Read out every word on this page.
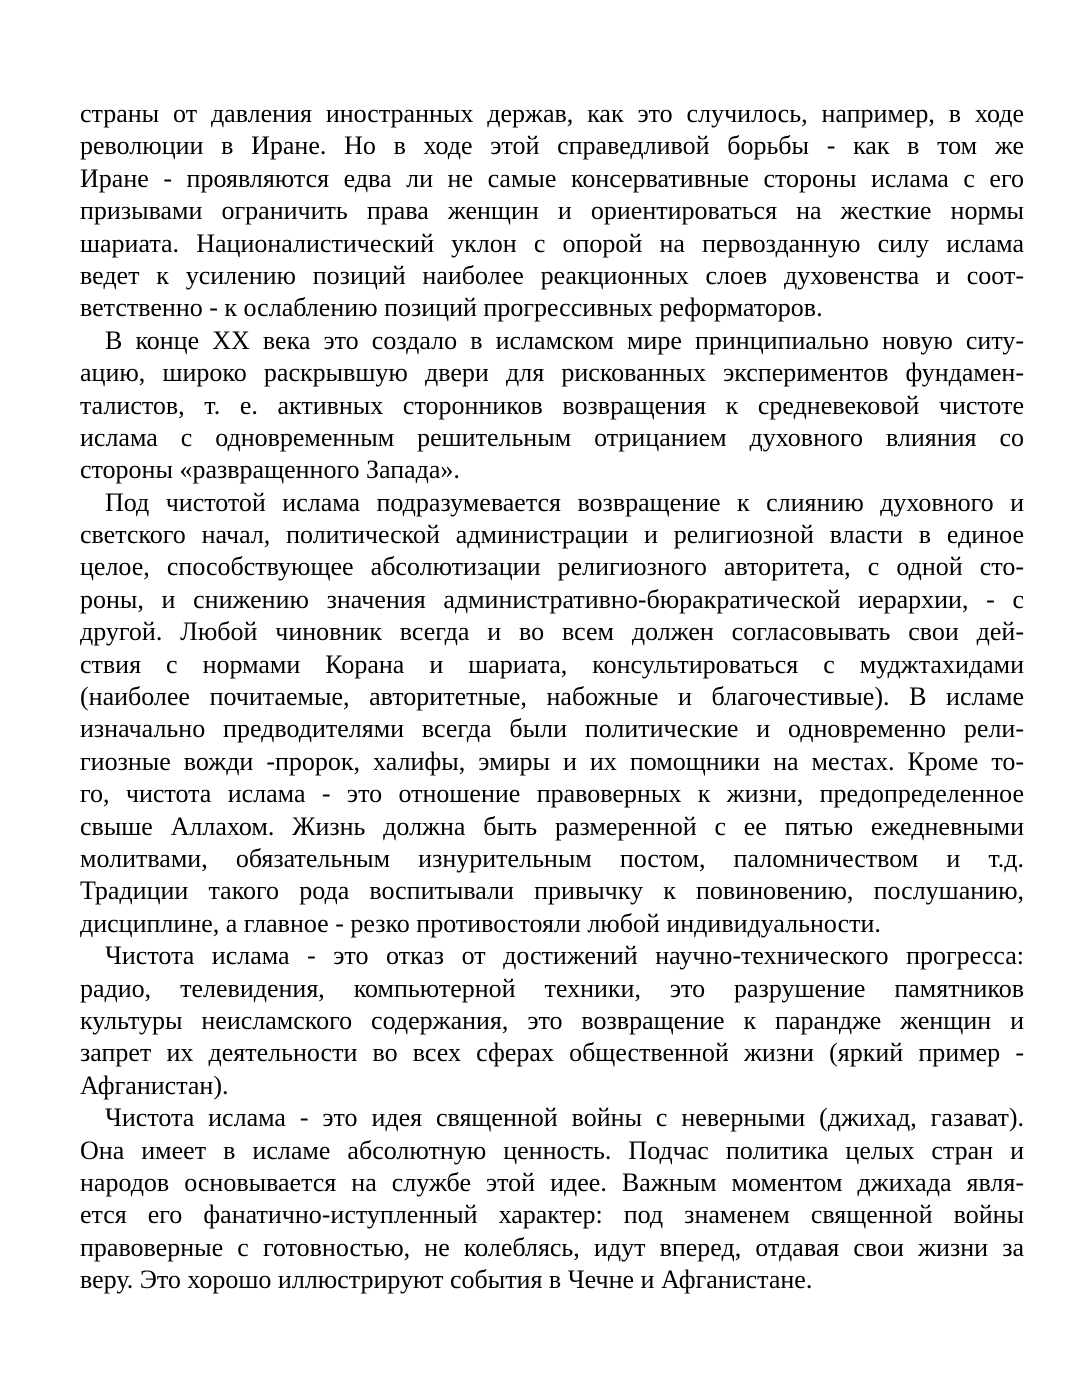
страны от давления иностранных держав, как это случилось, например, в ходе
революции в Иране. Но в ходе этой справедливой борьбы - как в том же
Иране - проявляются едва ли не самые консервативные стороны ислама с его
призывами ограничить права женщин и ориентироваться на жесткие нормы
шариата. Националистический уклон с опорой на первозданную силу ислама
ведет к усилению позиций наиболее реакционных слоев духовенства и соот-
ветственно - к ослаблению позиций прогрессивных реформаторов.

В конце ХХ века это создало в исламском мире принципиально новую ситу-
ацию, широко раскрывшую двери для рискованных экспериментов фундамен-
талистов, т. е. активных сторонников возвращения к средневековой чистоте
ислама с одновременным решительным отрицанием духовного влияния со
стороны «развращенного Запада».

Под чистотой ислама подразумевается возвращение к слиянию духовного и
светского начал, политической администрации и религиозной власти в единое
целое, способствующее абсолютизации религиозного авторитета, с одной сто-
роны, и снижению значения административно-бюракратической иерархии, - с
другой. Любой чиновник всегда и во всем должен согласовывать свои дей-
ствия с нормами Корана и шариата, консультироваться с муджтахидами
(наиболее почитаемые, авторитетные, набожные и благочестивые). В исламе
изначально предводителями всегда были политические и одновременно рели-
гиозные вожди -пророк, халифы, эмиры и их помощники на местах. Кроме то-
го, чистота ислама - это отношение правоверных к жизни, предопределенное
свыше Аллахом. Жизнь должна быть размеренной с ее пятью ежедневными
молитвами, обязательным изнурительным постом, паломничеством и т.д.
Традиции такого рода воспитывали привычку к повиновению, послушанию,
дисциплине, а главное - резко противостояли любой индивидуальности.

Чистота ислама - это отказ от достижений научно-технического прогресса:
радио, телевидения, компьютерной техники, это разрушение памятников
культуры неисламского содержания, это возвращение к парандже женщин и
запрет их деятельности во всех сферах общественной жизни (яркий пример -
Афганистан).

Чистота ислама - это идея священной войны с неверными (джихад, газават).
Она имеет в исламе абсолютную ценность. Подчас политика целых стран и
народов основывается на службе этой идее. Важным моментом джихада явля-
ется его фанатично-иступленный характер: под знаменем священной войны
правоверные с готовностью, не колеблясь, идут вперед, отдавая свои жизни за
веру. Это хорошо иллюстрируют события в Чечне и Афганистане.
